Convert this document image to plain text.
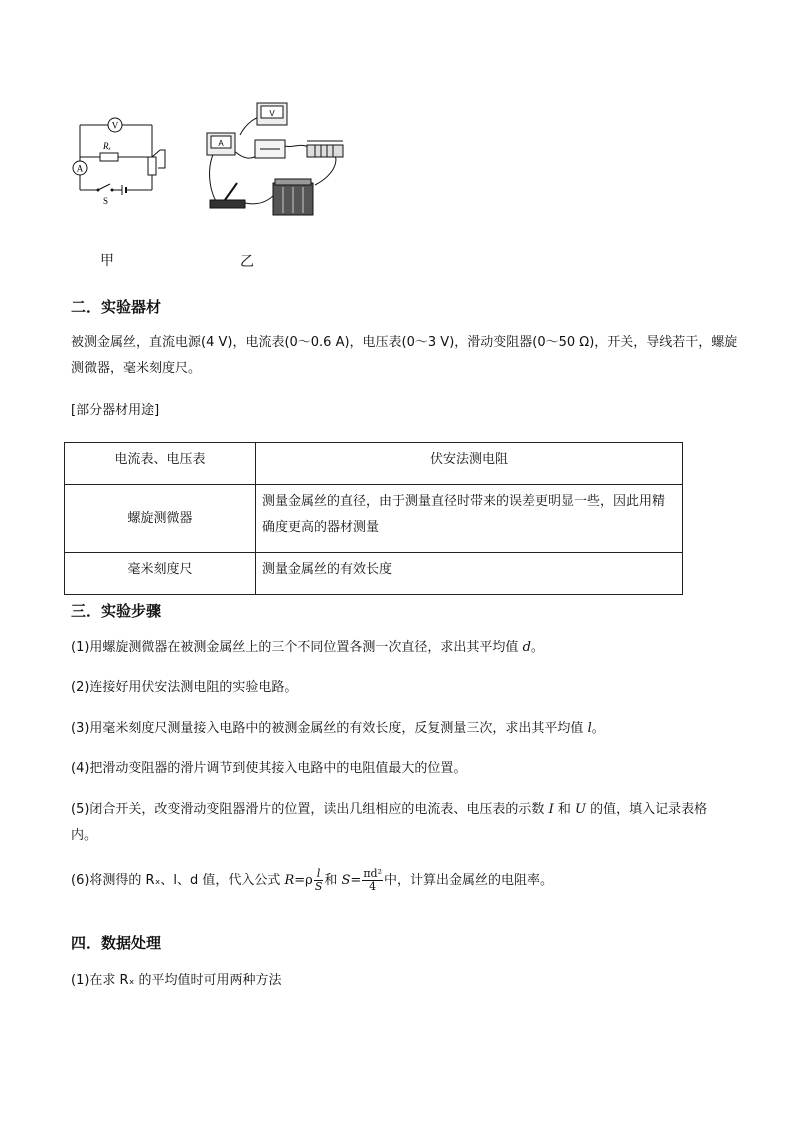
V
A
Rₓ
S
A
V
甲	乙
二．实验器材
被测金属丝，直流电源(4 V)，电流表(0～0.6 A)，电压表(0～3 V)，滑动变阻器(0～50 Ω)，开关，导线若干，螺旋测微器，毫米刻度尺。
[部分器材用途]
电流表、电压表	伏安法测电阻
螺旋测微器	测量金属丝的直径，由于测量直径时带来的误差更明显一些，因此用精确度更高的器材测量
毫米刻度尺	测量金属丝的有效长度
三．实验步骤
(1)用螺旋测微器在被测金属丝上的三个不同位置各测一次直径，求出其平均值 d。
(2)连接好用伏安法测电阻的实验电路。
(3)用毫米刻度尺测量接入电路中的被测金属丝的有效长度，反复测量三次，求出其平均值 l。
(4)把滑动变阻器的滑片调节到使其接入电路中的电阻值最大的位置。
(5)闭合开关，改变滑动变阻器滑片的位置，读出几组相应的电流表、电压表的示数 I 和 U 的值，填入记录表格内。
(6)将测得的 Rₓ、l、d 值，代入公式 $R=\rho \frac{l}{S}$ 和 $S= \frac{\text{πd²}}{4}$ 中，计算出金属丝的电阻率。
四．数据处理
(1)在求 Rₓ 的平均值时可用两种方法
